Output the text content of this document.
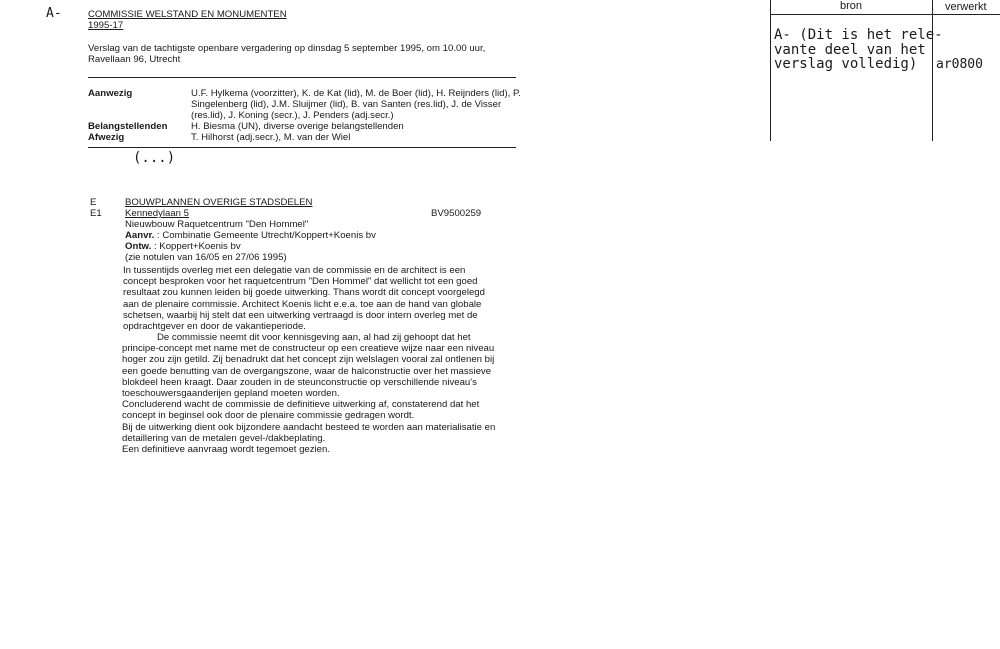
A-	COMMISSIE WELSTAND EN MONUMENTEN
1995-17
Verslag van de tachtigste openbare vergadering op dinsdag 5 september 1995, om 10.00 uur,
Ravellaan 96, Utrecht
Aanwezig	U.F. Hylkema (voorzitter), K. de Kat (lid), M. de Boer (lid), H. Reijnders (lid), P. Singelenberg (lid), J.M. Sluijmer (lid), B. van Santen (res.lid), J. de Visser (res.lid), J. Koning (secr.), J. Penders (adj.secr.)
Belangstellenden	H. Biesma (UN), diverse overige belangstellenden
Afwezig	T. Hilhorst (adj.secr.), M. van der Wiel
(...)
E	BOUWPLANNEN OVERIGE STADSDELEN
E1 Kennedylaan 5	BV9500259
Nieuwbouw Raquetcentrum "Den Hommel"
Aanvr. : Combinatie Gemeente Utrecht/Koppert+Koenis bv
Ontw. : Koppert+Koenis bv
(zie notulen van 16/05 en 27/06 1995)
In tussentijds overleg met een delegatie van de commissie en de architect is een
concept besproken voor het raquetcentrum "Den Hommel" dat wellicht tot een goed
resultaat zou kunnen leiden bij goede uitwerking. Thans wordt dit concept voorgelegd
aan de plenaire commissie. Architect Koenis licht e.e.a. toe aan de hand van globale
schetsen, waarbij hij stelt dat een uitwerking vertraagd is door intern overleg met de
opdrachtgever en door de vakantieperiode.
De commissie neemt dit voor kennisgeving aan, al had zij gehoopt dat het
principe-concept met name met de constructeur op een creatieve wijze naar een niveau
hoger zou zijn getild. Zij benadrukt dat het concept zijn welslagen vooral zal ontlenen bij
een goede benutting van de overgangszone, waar de halconstructie over het massieve
blokdeel heen kraagt. Daar zouden in de steunconstructie op verschillende niveau's
toeschouwersgaanderijen gepland moeten worden.
Concluderend wacht de commissie de definitieve uitwerking af, constaterend dat het
concept in beginsel ook door de plenaire commissie gedragen wordt.
Bij de uitwerking dient ook bijzondere aandacht besteed te worden aan materialisatie en
detaillering van de metalen gevel-/dakbeplating.
Een definitieve aanvraag wordt tegemoet gezien.
bron	verwerkt
A- (Dit is het rele-
vante deel van het
verslag volledig)	ar0800
